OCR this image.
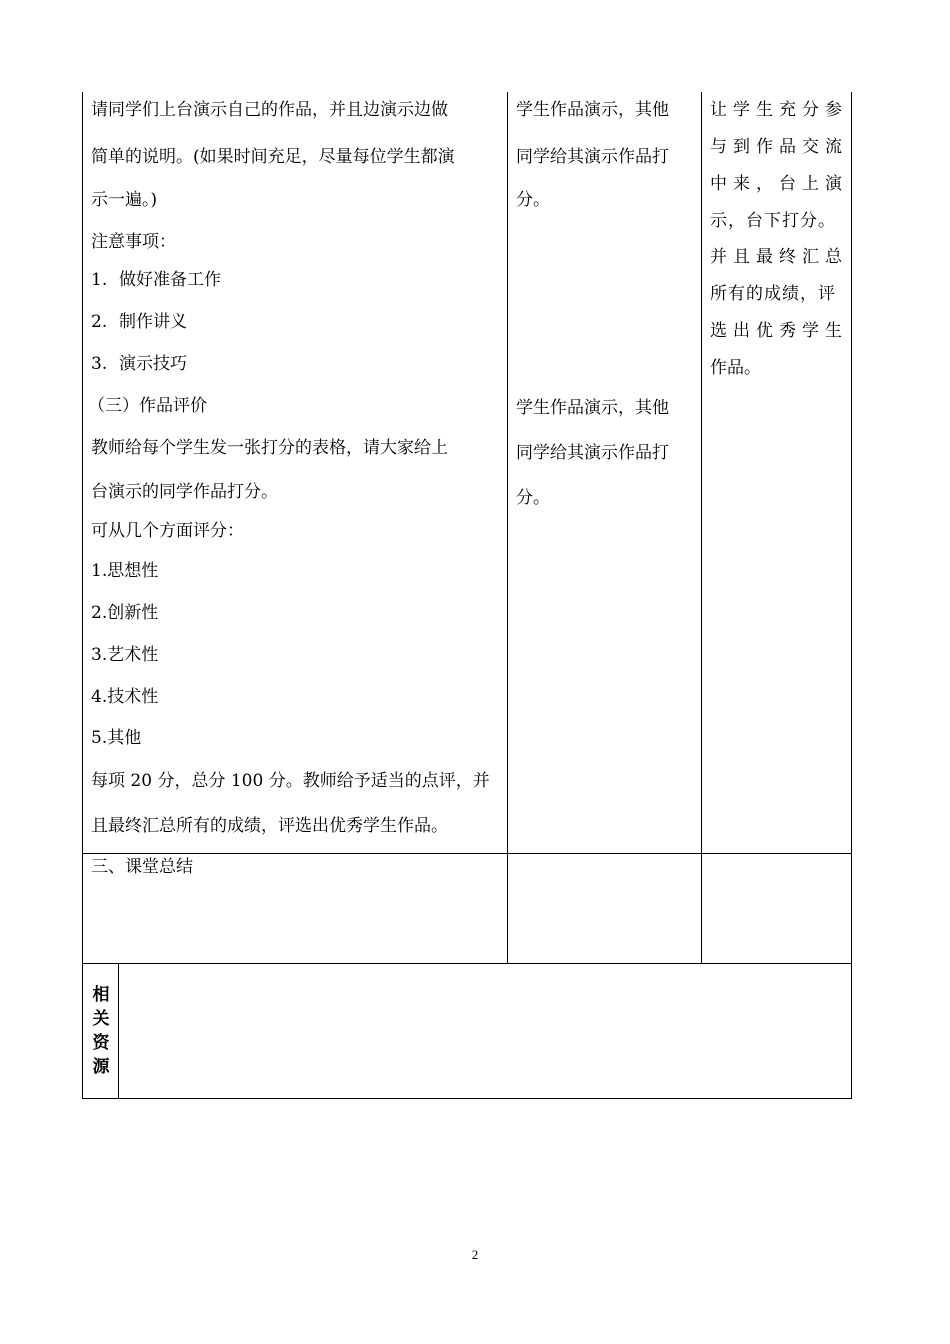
请同学们上台演示自己的作品，并且边演示边做
简单的说明。(如果时间充足，尽量每位学生都演
示一遍。)
注意事项：
1. 做好准备工作
2. 制作讲义
3. 演示技巧
（三）作品评价
教师给每个学生发一张打分的表格，请大家给上
台演示的同学作品打分。
可从几个方面评分：
1.思想性
2.创新性
3.艺术性
4.技术性
5.其他
每项 20 分，总分 100 分。教师给予适当的点评，并
且最终汇总所有的成绩，评选出优秀学生作品。
三、课堂总结
学生作品演示，其他
同学给其演示作品打
分。
学生作品演示，其他
同学给其演示作品打
分。
让学生充分参
与到作品交流
中来，台上演
示，台下打分。
并且最终汇总
所有的成绩，评
选出优秀学生
作品。
相
关
资
源
2
